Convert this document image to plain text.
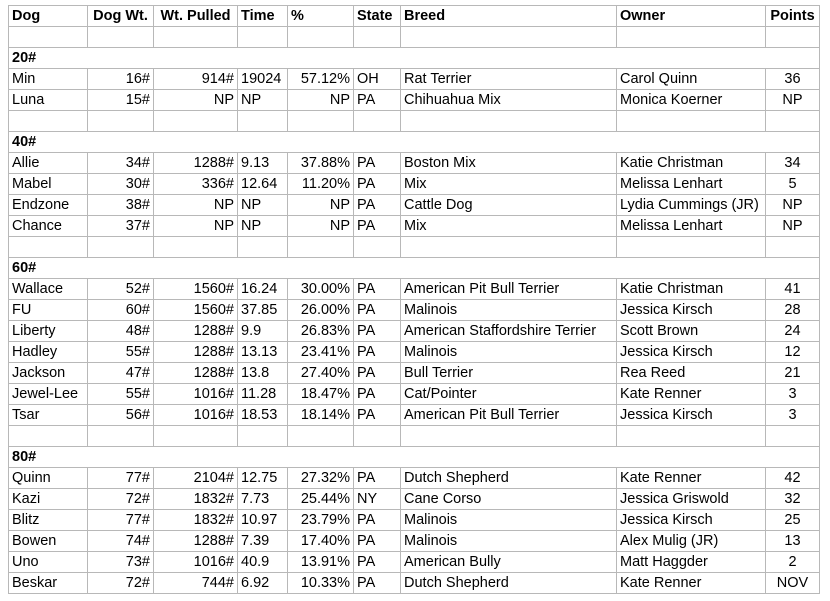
Dog	Dog Wt.	Wt. Pulled	Time	%	State	Breed	Owner	Points

20#								
Min	16#	914#	19024	57.12%	OH	Rat Terrier	Carol Quinn	36
Luna	15#	NP	NP	NP	PA	Chihuahua Mix	Monica Koerner	NP

40#								
Allie	34#	1288#	9.13	37.88%	PA	Boston Mix	Katie Christman	34
Mabel	30#	336#	12.64	11.20%	PA	Mix	Melissa Lenhart	5
Endzone	38#	NP	NP	NP	PA	Cattle Dog	Lydia Cummings (JR)	NP
Chance	37#	NP	NP	NP	PA	Mix	Melissa Lenhart	NP

60#								
Wallace	52#	1560#	16.24	30.00%	PA	American Pit Bull Terrier	Katie Christman	41
FU	60#	1560#	37.85	26.00%	PA	Malinois	Jessica Kirsch	28
Liberty	48#	1288#	9.9	26.83%	PA	American Staffordshire Terrier	Scott Brown	24
Hadley	55#	1288#	13.13	23.41%	PA	Malinois	Jessica Kirsch	12
Jackson	47#	1288#	13.8	27.40%	PA	Bull Terrier	Rea Reed	21
Jewel-Lee	55#	1016#	11.28	18.47%	PA	Cat/Pointer	Kate Renner	3
Tsar	56#	1016#	18.53	18.14%	PA	American Pit Bull Terrier	Jessica Kirsch	3

80#								
Quinn	77#	2104#	12.75	27.32%	PA	Dutch Shepherd	Kate Renner	42
Kazi	72#	1832#	7.73	25.44%	NY	Cane Corso	Jessica Griswold	32
Blitz	77#	1832#	10.97	23.79%	PA	Malinois	Jessica Kirsch	25
Bowen	74#	1288#	7.39	17.40%	PA	Malinois	Alex Mulig (JR)	13
Uno	73#	1016#	40.9	13.91%	PA	American Bully	Matt Haggder	2
Beskar	72#	744#	6.92	10.33%	PA	Dutch Shepherd	Kate Renner	NOV
